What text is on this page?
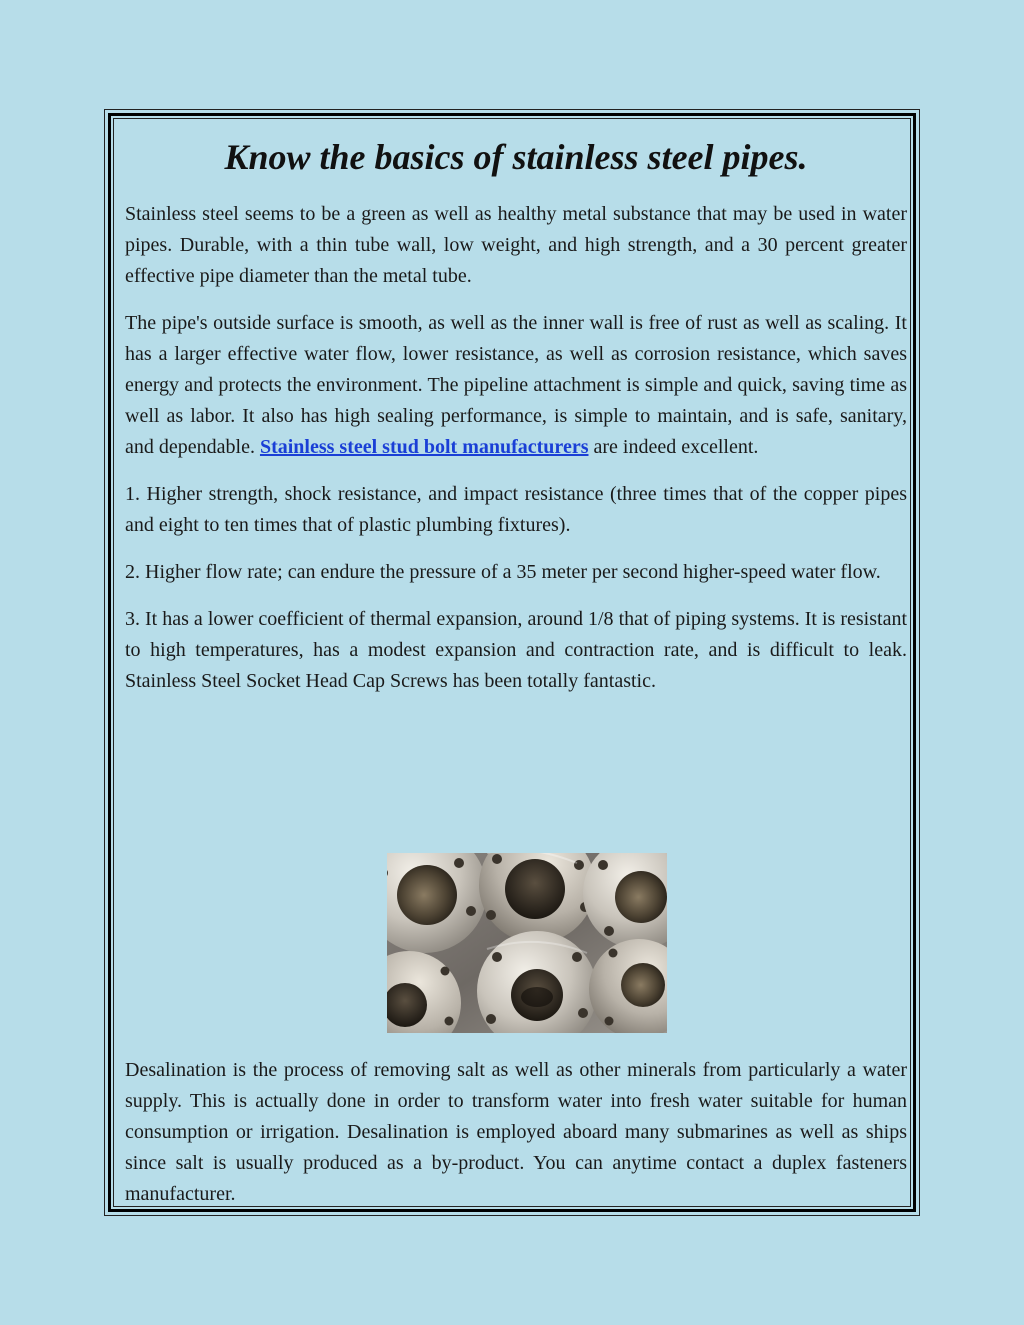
Know the basics of stainless steel pipes.

Stainless steel seems to be a green as well as healthy metal substance that may be used in water pipes. Durable, with a thin tube wall, low weight, and high strength, and a 30 percent greater effective pipe diameter than the metal tube.

The pipe's outside surface is smooth, as well as the inner wall is free of rust as well as scaling. It has a larger effective water flow, lower resistance, as well as corrosion resistance, which saves energy and protects the environment. The pipeline attachment is simple and quick, saving time as well as labor. It also has high sealing performance, is simple to maintain, and is safe, sanitary, and dependable. Stainless steel stud bolt manufacturers are indeed excellent.

1. Higher strength, shock resistance, and impact resistance (three times that of the copper pipes and eight to ten times that of plastic plumbing fixtures).

2. Higher flow rate; can endure the pressure of a 35 meter per second higher-speed water flow.

3. It has a lower coefficient of thermal expansion, around 1/8 that of piping systems. It is resistant to high temperatures, has a modest expansion and contraction rate, and is difficult to leak. Stainless Steel Socket Head Cap Screws has been totally fantastic.

Desalination is the process of removing salt as well as other minerals from particularly a water supply. This is actually done in order to transform water into fresh water suitable for human consumption or irrigation. Desalination is employed aboard many submarines as well as ships since salt is usually produced as a by-product. You can anytime contact a duplex fasteners manufacturer.
